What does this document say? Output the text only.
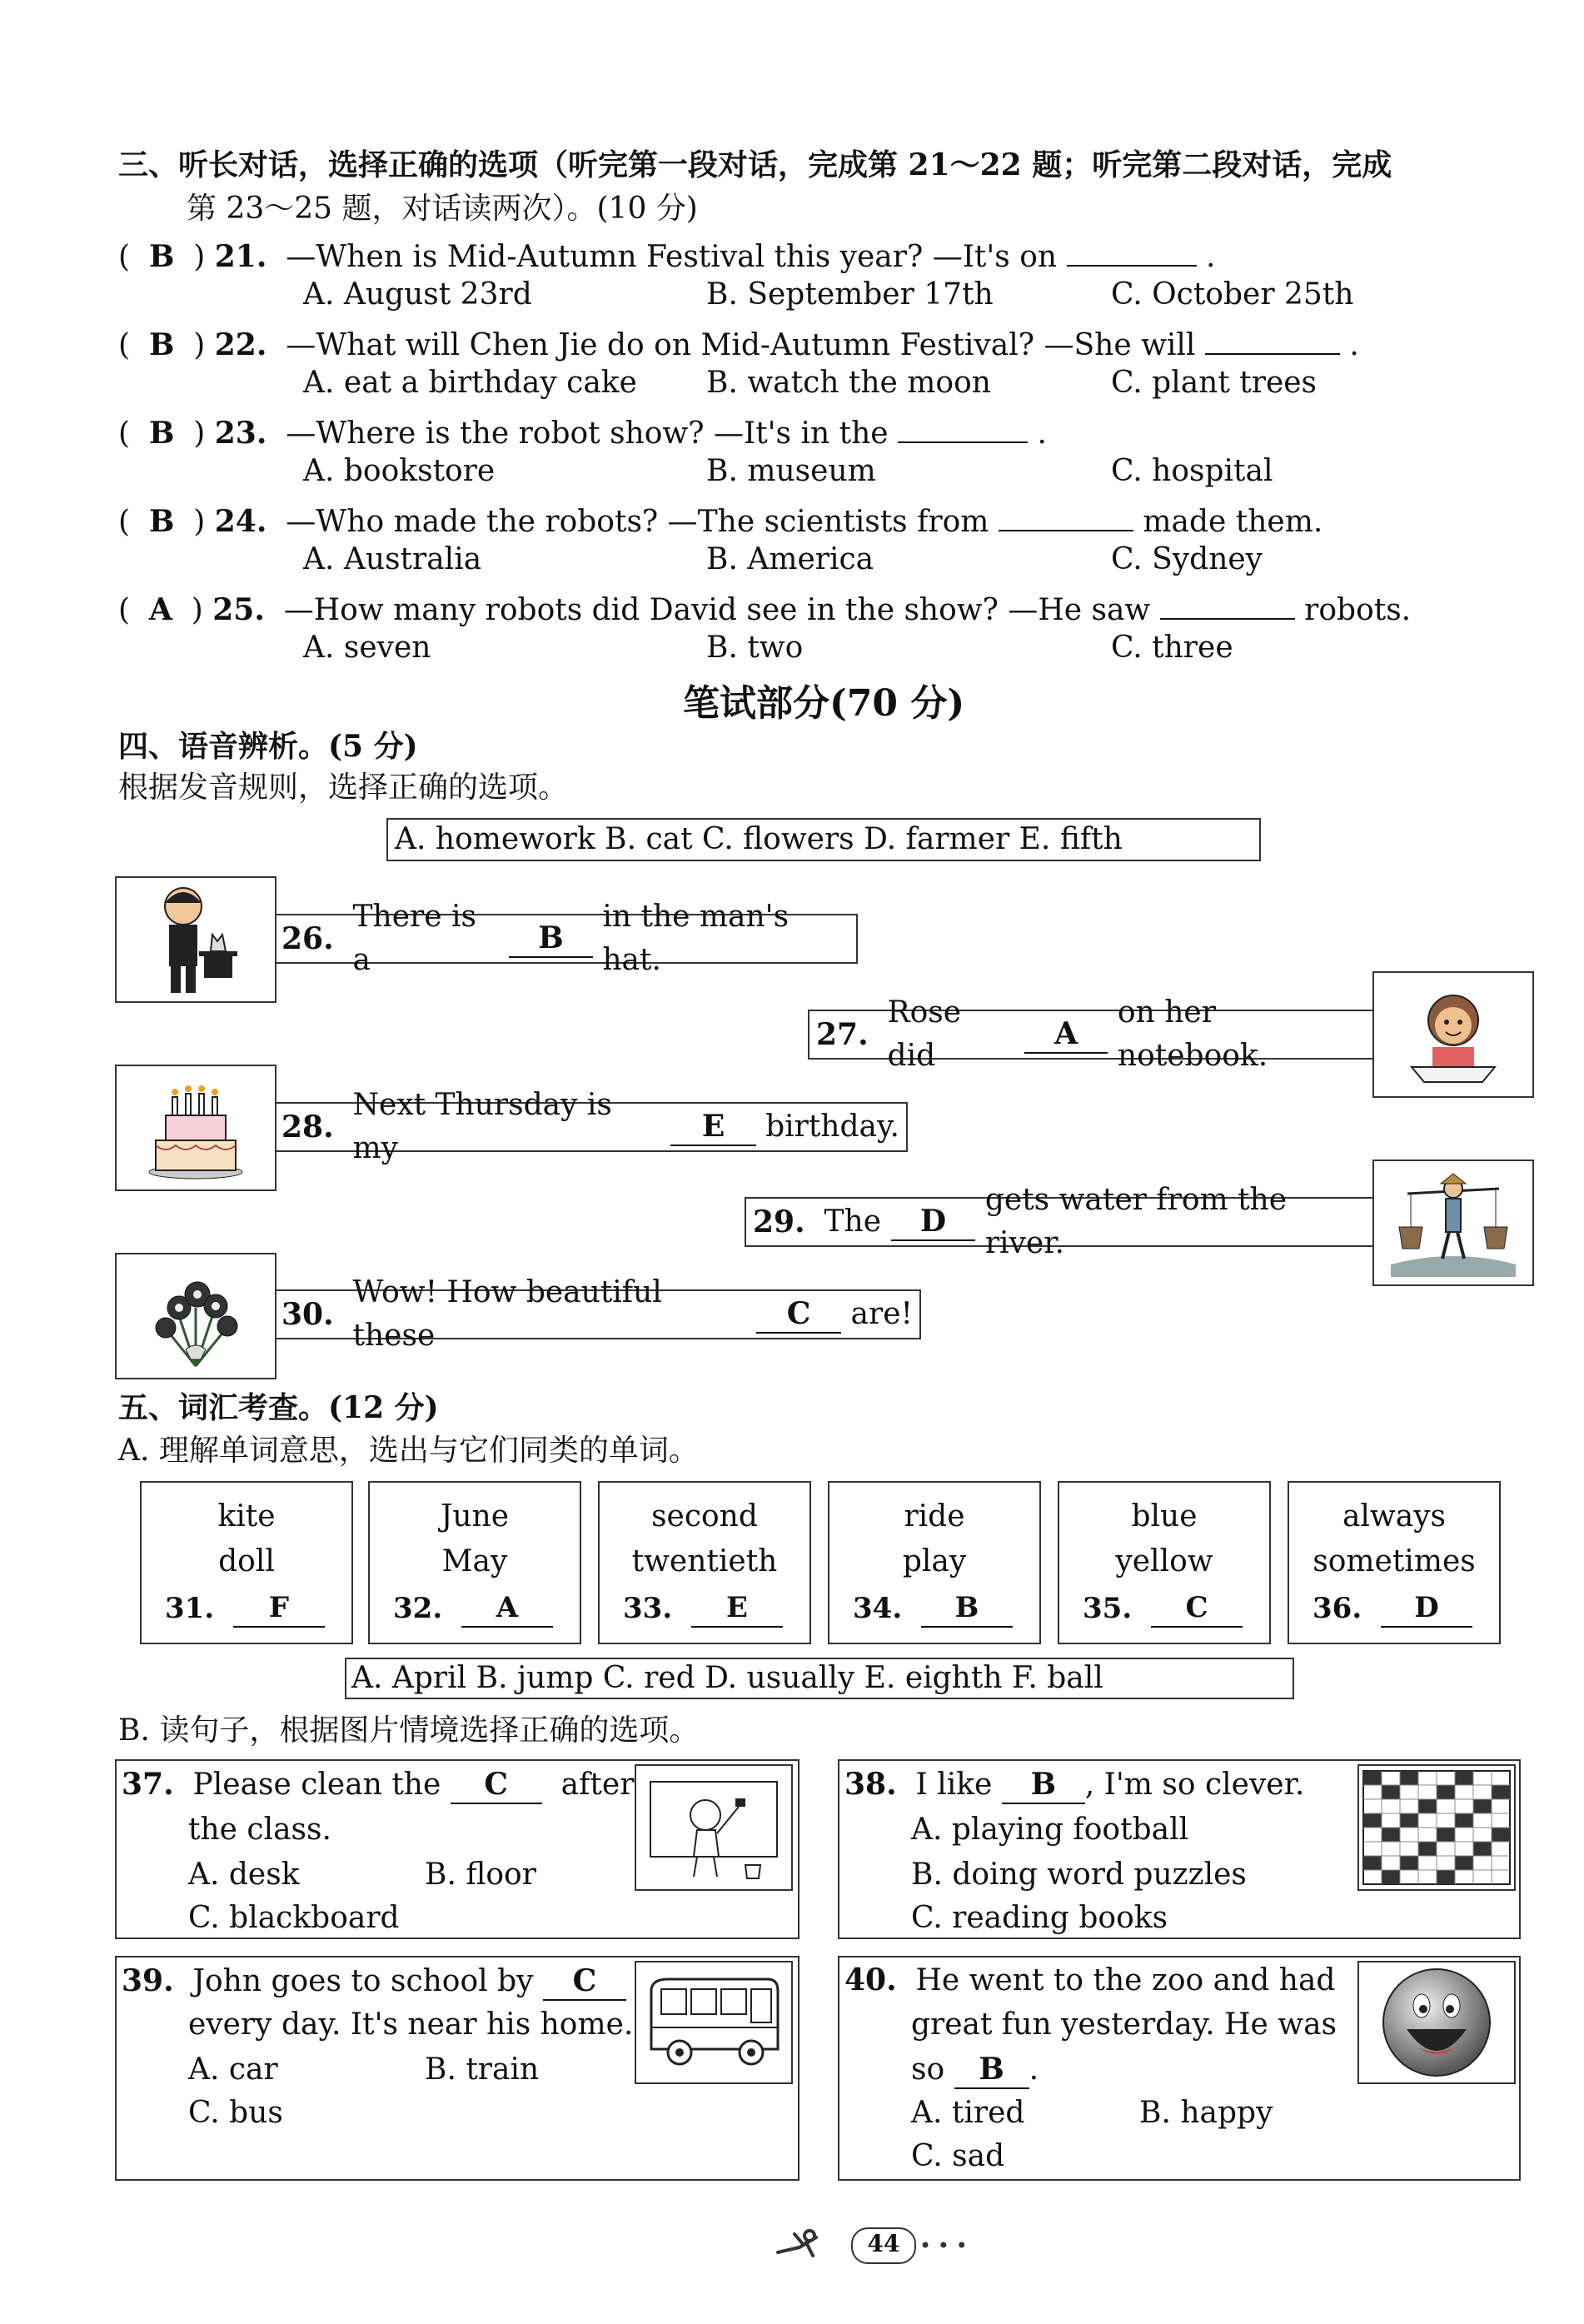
三、听长对话，选择正确的选项（听完第一段对话，完成第 21～22 题；听完第二段对话，完成
第 23～25 题，对话读两次）。(10 分)
(  B  ) 21. —When is Mid-Autumn Festival this year? —It's on	.
A. August 23rd	B. September 17th	C. October 25th
(  B  ) 22. —What will Chen Jie do on Mid-Autumn Festival? —She will	.
A. eat a birthday cake B. watch the moon	C. plant trees
(  B  ) 23. —Where is the robot show? —It's in the	.
A. bookstore	B. museum	C. hospital
(  B  ) 24. —Who made the robots? —The scientists from	made them.
A. Australia	B. America	C. Sydney
(  A  ) 25. —How many robots did David see in the show? —He saw	robots.
A. seven	B. two	C. three
笔试部分(70 分)
四、语音辨析。(5 分)
根据发音规则，选择正确的选项。
A. homework B. cat C. flowers D. farmer E. fifth
26.

There is a

B

in the man's hat.
27.

Rose did

A

on her notebook.
28.

Next Thursday is my

E
	birthday.
29.
The
	D

gets water from the river.
30.

Wow! How beautiful these

C
	are!
五、词汇考查。(12 分)
A. 理解单词意思，选出与它们同类的单词。
kite
doll
31.	F
June
May
32.	A
second
twentieth
33.	E
ride
play
34.	B
blue
yellow
35.	C
always
sometimes
36.	D
A. April B. jump C. red D. usually E. eighth F. ball
B. 读句子，根据图片情境选择正确的选项。
37. Please clean the C after
the class.
A. desk	B. floor
C. blackboard
38. I like B , I'm so clever.
A. playing football
B. doing word puzzles
C. reading books
39. John goes to school by C
every day. It's near his home.
A. car	B. train
C. bus
40. He went to the zoo and had
great fun yesterday. He was
so B .
A. tired	B. happy
C. sad
44 • • •
